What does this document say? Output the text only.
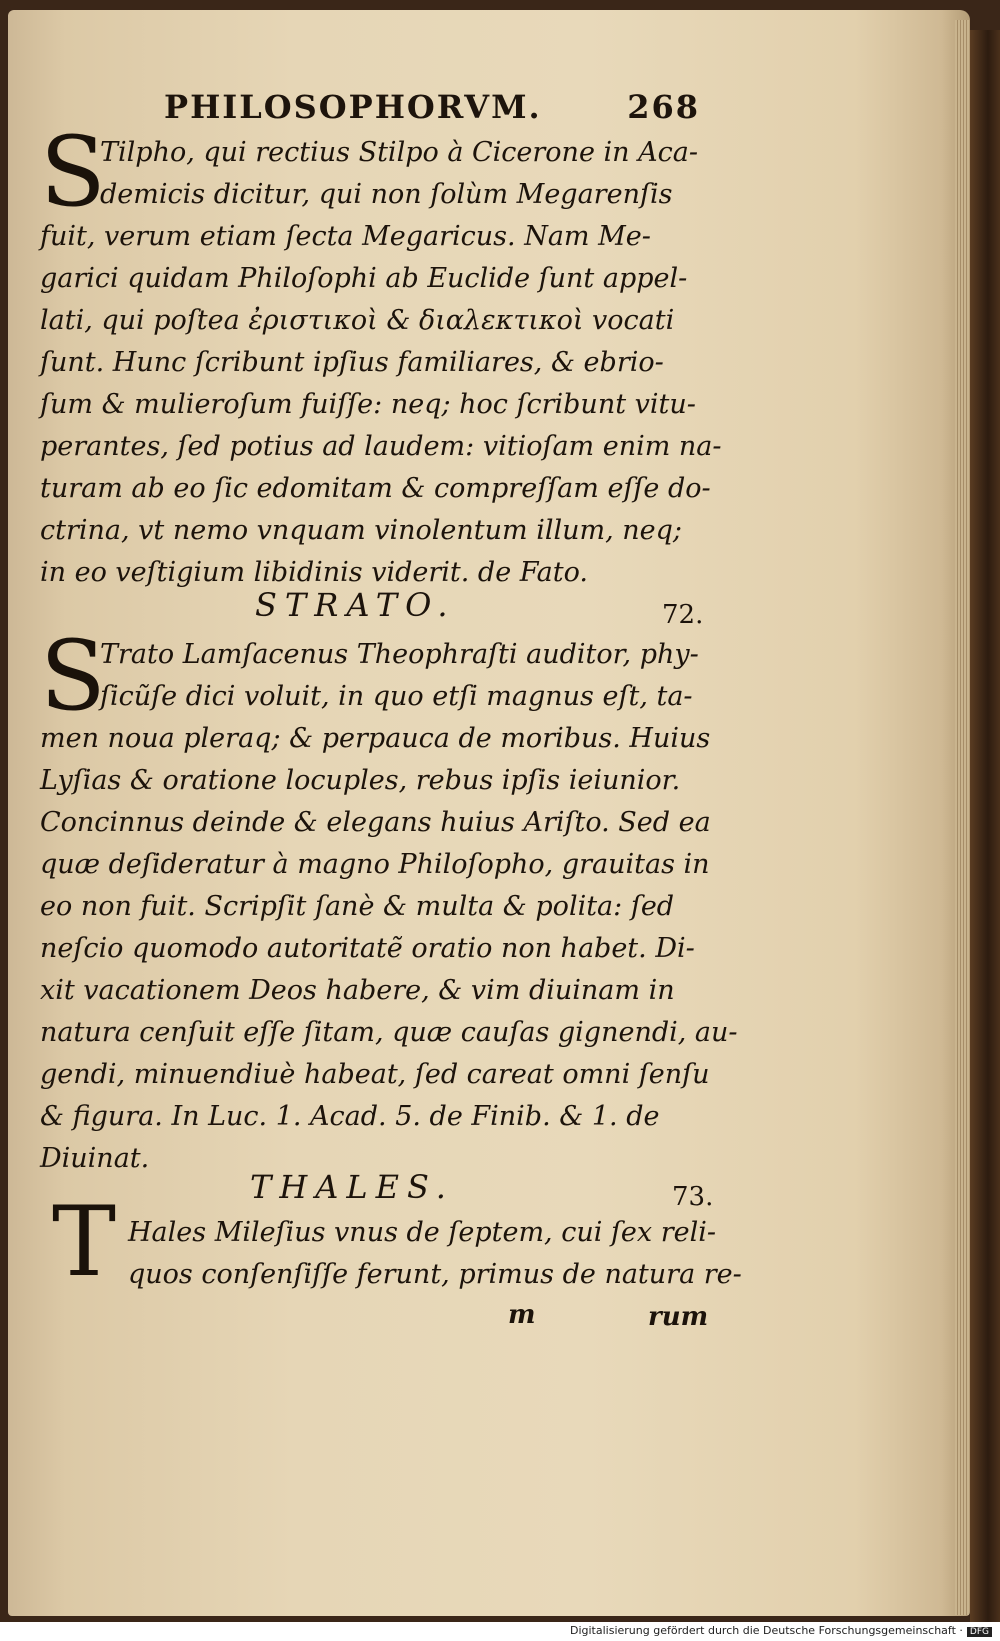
PHILOSOPHORVM.	268
S
Tilpho, qui rectius Stilpo à Cicerone in Aca-
demicis dicitur, qui non ſolùm Megarenſis
fuit, verum etiam ſecta Megaricus. Nam Me-
garici quidam Philoſophi ab Euclide ſunt appel-
lati, qui poſtea ἐριστικοὶ & διαλεκτικοὶ vocati
ſunt. Hunc ſcribunt ipſius familiares, & ebrio-
ſum & mulieroſum fuiſſe: neq; hoc ſcribunt vitu-
perantes, ſed potius ad laudem: vitioſam enim na-
turam ab eo ſic edomitam & compreſſam eſſe do-
ctrina, vt nemo vnquam vinolentum illum, neq;
in eo veſtigium libidinis viderit. de Fato.
STRATO.	72.
S
Trato Lamſacenus Theophraſti auditor, phy-
ſicũſe dici voluit, in quo etſi magnus eſt, ta-
men noua pleraq; & perpauca de moribus. Huius
Lyſias & oratione locuples, rebus ipſis ieiunior.
Concinnus deinde & elegans huius Ariſto. Sed ea
quæ deſideratur à magno Philoſopho, grauitas in
eo non fuit. Scripſit ſanè & multa & polita: ſed
neſcio quomodo autoritatẽ oratio non habet. Di-
xit vacationem Deos habere, & vim diuinam in
natura cenſuit eſſe ſitam, quæ cauſas gignendi, au-
gendi, minuendiuè habeat, ſed careat omni ſenſu
& figura. In Luc. 1. Acad. 5. de Finib. & 1. de
Diuinat.
THALES.	73.
T Hales Mileſius vnus de ſeptem, cui ſex reli-
quos conſenſiſſe ferunt, primus de natura re-
m	rum
Digitalisierung gefördert durch die Deutsche Forschungsgemeinschaft · DFG
